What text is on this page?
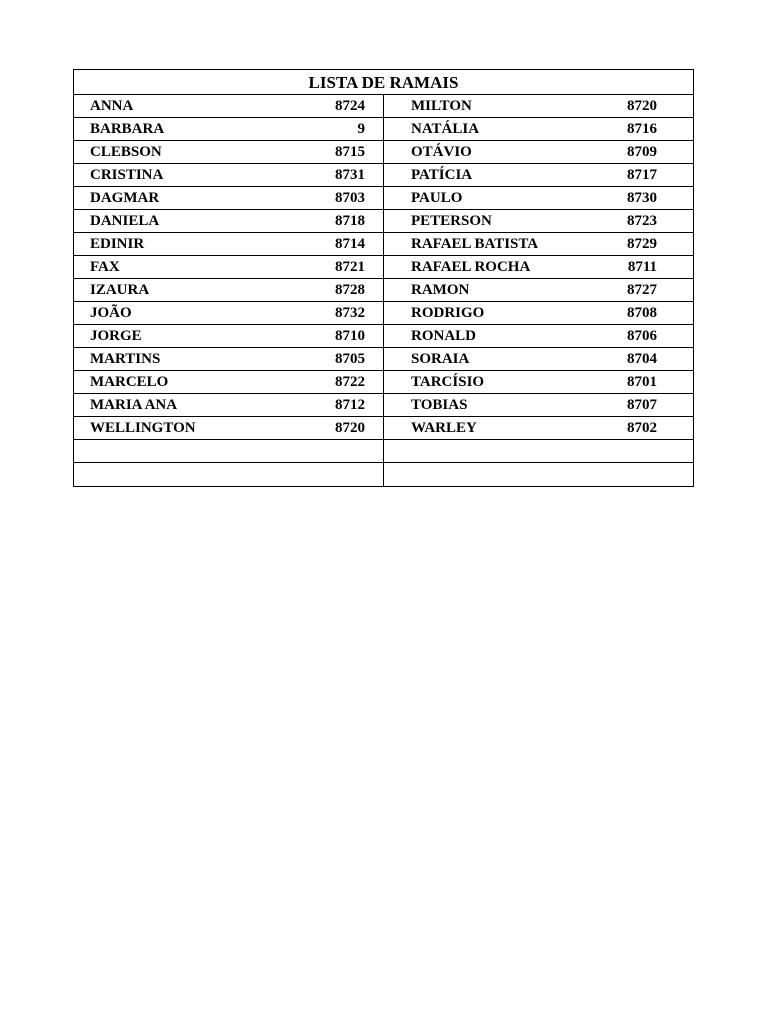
LISTA DE RAMAIS
ANNA	8724	MILTON	8720
BARBARA	9	NATÁLIA	8716
CLEBSON	8715	OTÁVIO	8709
CRISTINA	8731	PATÍCIA	8717
DAGMAR	8703	PAULO	8730
DANIELA	8718	PETERSON	8723
EDINIR	8714	RAFAEL BATISTA	8729
FAX	8721	RAFAEL ROCHA	8711
IZAURA	8728	RAMON	8727
JOÃO	8732	RODRIGO	8708
JORGE	8710	RONALD	8706
MARTINS	8705	SORAIA	8704
MARCELO	8722	TARCÍSIO	8701
MARIA ANA	8712	TOBIAS	8707
WELLINGTON	8720	WARLEY	8702
